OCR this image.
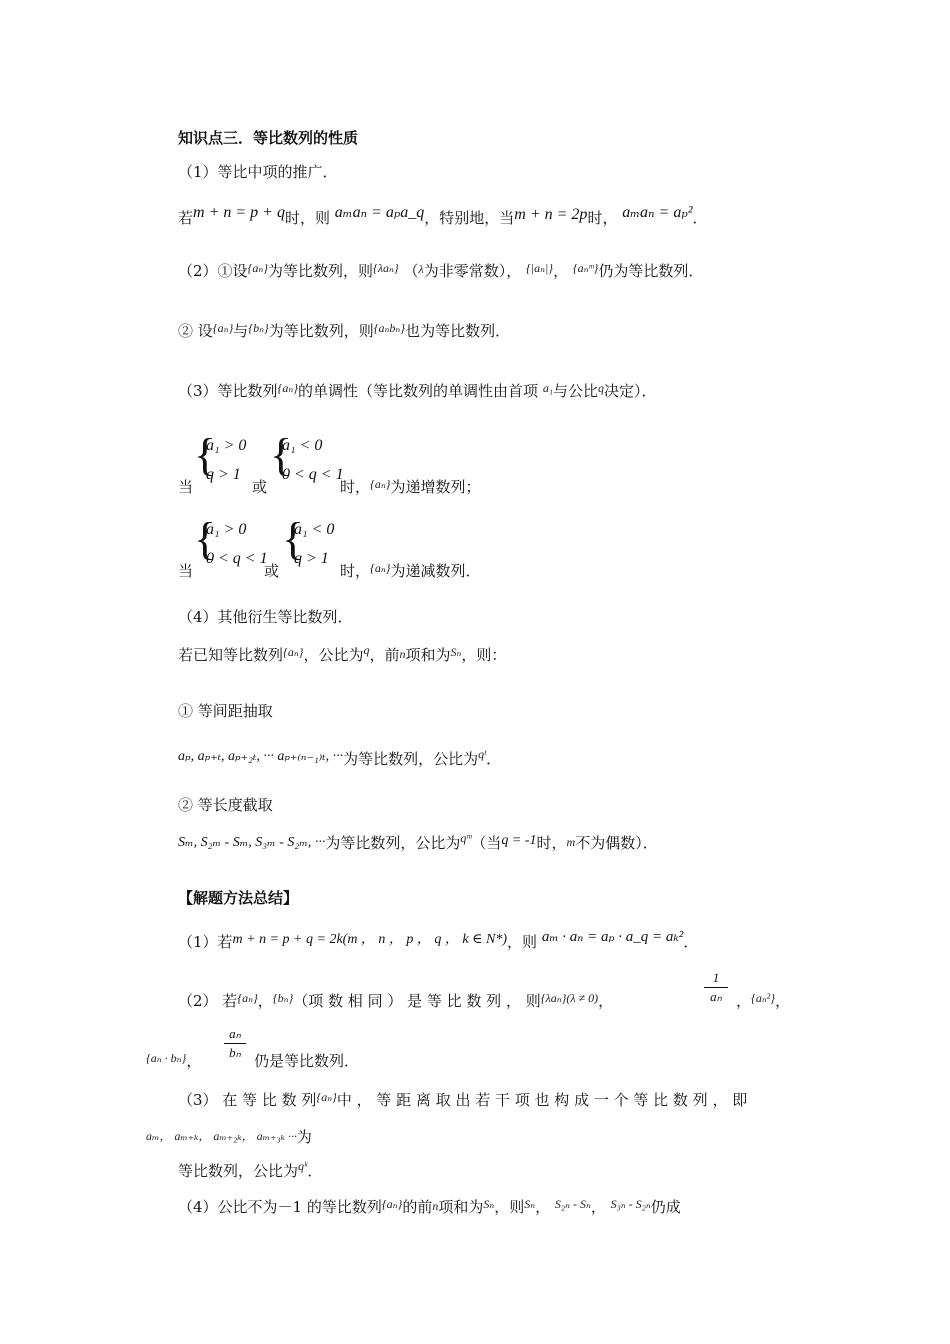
知识点三．等比数列的性质
（1）等比中项的推广．
若m + n = p + q时，则 aₘaₙ = aₚa_q，特别地，当m + n = 2p时， aₘaₙ = aₚ²．
（2）①设$^{\{a_n\}}$为等比数列，则$^{\{\lambda a_n\}}$ （$^\lambda$为非零常数）， $^{\{|a_n|\}}$， $^{\{a_nᵐ\}}$仍为等比数列．
② 设$^{\{a_n\}}$与$^{\{b_n\}}$为等比数列，则$^{\{a_nb_n\}}$也为等比数列．
（3）等比数列$^{\{a_n\}}$的单调性（等比数列的单调性由首项 $^{a_1}$与公比$^q$决定）．
当
{
a₁ > 0
q > 1
或
{
a₁ < 0
0 < q < 1
时，$^{\{a_n\}}$为递增数列；
当
{
a₁ > 0
0 < q < 1
或
{
a₁ < 0
q > 1
时，$^{\{a_n\}}$为递减数列．
（4）其他衍生等比数列．
若已知等比数列$^{\{a_n\}}$，公比为$^q$，前n项和为$^{S_n}$，则：
① 等间距抽取
aₚ, aₚ₊ₜ, aₚ₊₂ₜ, ··· aₚ₊₍ₙ₋₁₎ₜ, ···为等比数列，公比为$^{qᵗ}$．
② 等长度截取
Sₘ, S₂ₘ - Sₘ, S₃ₘ - S₂ₘ, ···为等比数列，公比为$^{qᵐ}$（当q = -1时，m不为偶数）．
【解题方法总结】
（1）若m + n = p + q = 2k(m ， n ， p ， q ， k ∈ N*)，则 aₘ · aₙ = aₚ · a_q = aₖ²．
（2） 若$^{\{a_n\}}$，$^{\{b_n\}}$（项 数 相 同 ） 是 等 比 数 列 ， 则$^{\{\lambda a_n\}(\lambda \ne 0)}$，
1
aₙ ，$^{\{a_n^2\}}$，
$^{\{a_n \cdot b_n\}}$，
aₙ
bₙ 仍是等比数列．
（3） 在 等 比 数 列$^{\{a_n\}}$中 ， 等 距 离 取 出 若 干 项 也 构 成 一 个 等 比 数 列 ， 即
aₘ， aₘ₊ₖ， aₘ₊₂ₖ， aₘ₊₃ₖ ···为
等比数列，公比为$^{qᵏ}$．
（4）公比不为－1 的等比数列$^{\{a_n\}}$的前n项和为$^{S_n}$，则$^{S_n}$， $^{S_{2n} - S_n}$， $^{S_{3n} - S_{2n}}$仍成
